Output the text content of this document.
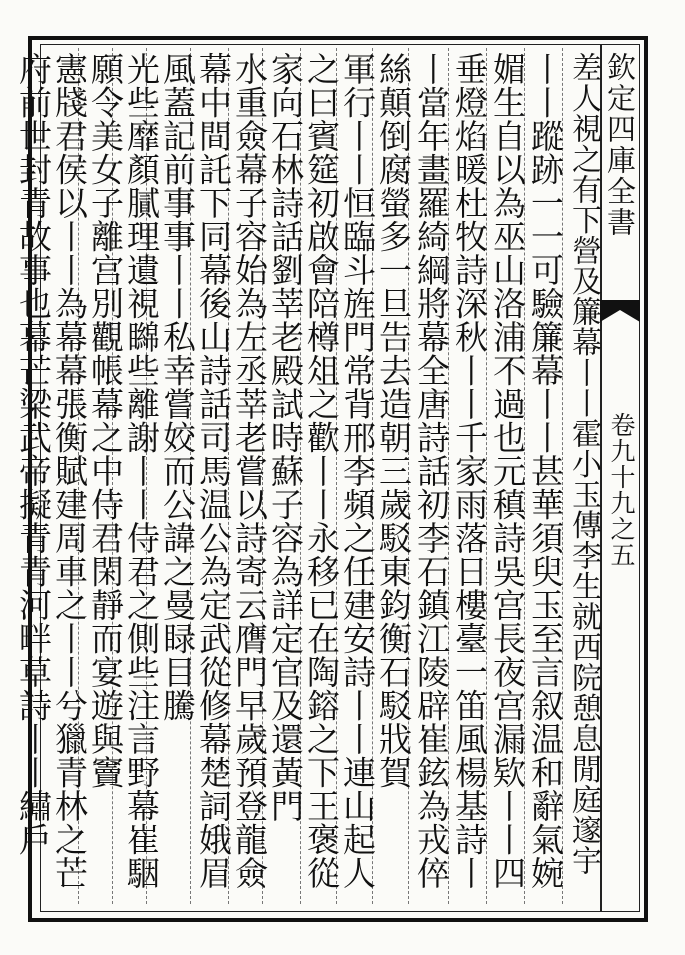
欽定四庫全書
卷九十九之五
差人視之有下營及簾幕丨丨霍小玉傳李生就西院憩息閒庭邃宇
丨丨蹤跡一一可驗簾幕丨丨甚華須臾玉至言叙温和辭氣婉
媚生自以為巫山洛浦不過也元稹詩吳宫長夜宫漏欵丨丨四
垂燈焰暖杜牧詩深秋丨丨千家雨落日樓臺一笛風楊基詩丨
丨當年畫羅綺綱將幕全唐詩話初李石鎮江陵辟崔鉉為戎倅
絲顛倒腐螢多一旦告去造朝三歲駁東鈞衡石駁戕賀
軍行丨丨恒臨斗旌門常背邢李頻之任建安詩丨丨連山起人
之曰賓筵初啟會陪樽俎之歡丨丨永移已在陶鎔之下王褒從
家向石林詩話劉莘老殿試時蘇子容為詳定官及還黃門
水重僉幕子容始為左丞莘老嘗以詩寄云膺門早歲預登龍僉
幕中間託下同幕後山詩話司馬温公為定武從修幕楚詞娥眉
風蓋記前事事丨丨私幸嘗姣而公諱之曼睩目騰
光些靡顏膩理遺視矊些離謝丨丨侍君之側些注言野幕崔駰
願令美女子離宫別觀帳幕之中侍君閑靜而宴遊與竇
憲牋君侯以丨丨為幕幕張衡賦建周車之丨丨兮獵青林之芒
府前世封青故事也幕芒梁武帝擬青青河畔草詩丨丨繡戶
